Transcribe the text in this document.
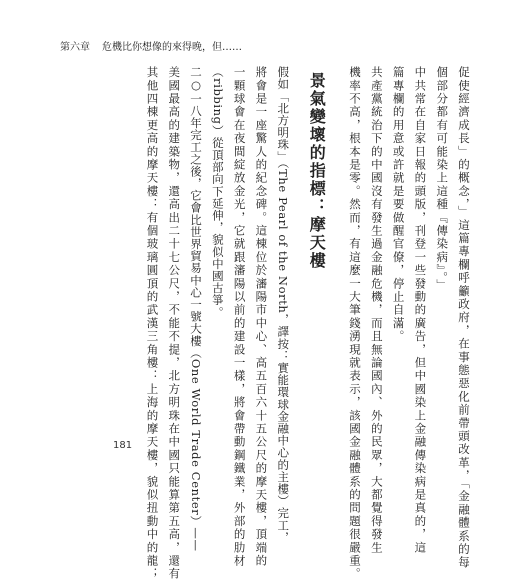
第六章 危機比你想像的來得晚，但……
促使經濟成長」的概念，」這篇專欄呼籲政府，在事態惡化前帶頭改革，「金融體系的每
個部分都有可能染上這種『傳染病』。」
中共常在自家日報的頭版，刊登一些發動的廣告，但中國染上金融傳染病是真的，這
篇專欄的用意或許就是要做醒官僚，停止自滿。
共產黨統治下的中國沒有發生過金融危機，而且無論國內、外的民眾，大都覺得發生
機率不高，根本是零。然而，有這麼一大筆錢湧現就表示，該國金融體系的問題很嚴重。
景氣變壞的指標：摩天樓
假如「北方明珠」（The Pearl of the North，譯按：實能環球金融中心的主樓）完工，
將會是一座驚人的紀念碑。這棟位於瀋陽市中心、高五百六十五公尺的摩天樓，頂端的
一顆球會在夜間綻放金光，它就跟瀋陽以前的建設一樣，將會帶動鋼鐵業，外部的肋材
（ribbing）從頂部向下延伸，貌似中國古箏。
二○一八年完工之後，它會比世界貿易中心一號大樓（One World Trade Center）——
美國最高的建築物，還高出二十七公尺，不能不提，北方明珠在中國只能算第五高，還有
其他四棟更高的摩天樓：有個玻璃圓頂的武漢三角樓：上海的摩天樓，貌似扭動中的龍；
181
